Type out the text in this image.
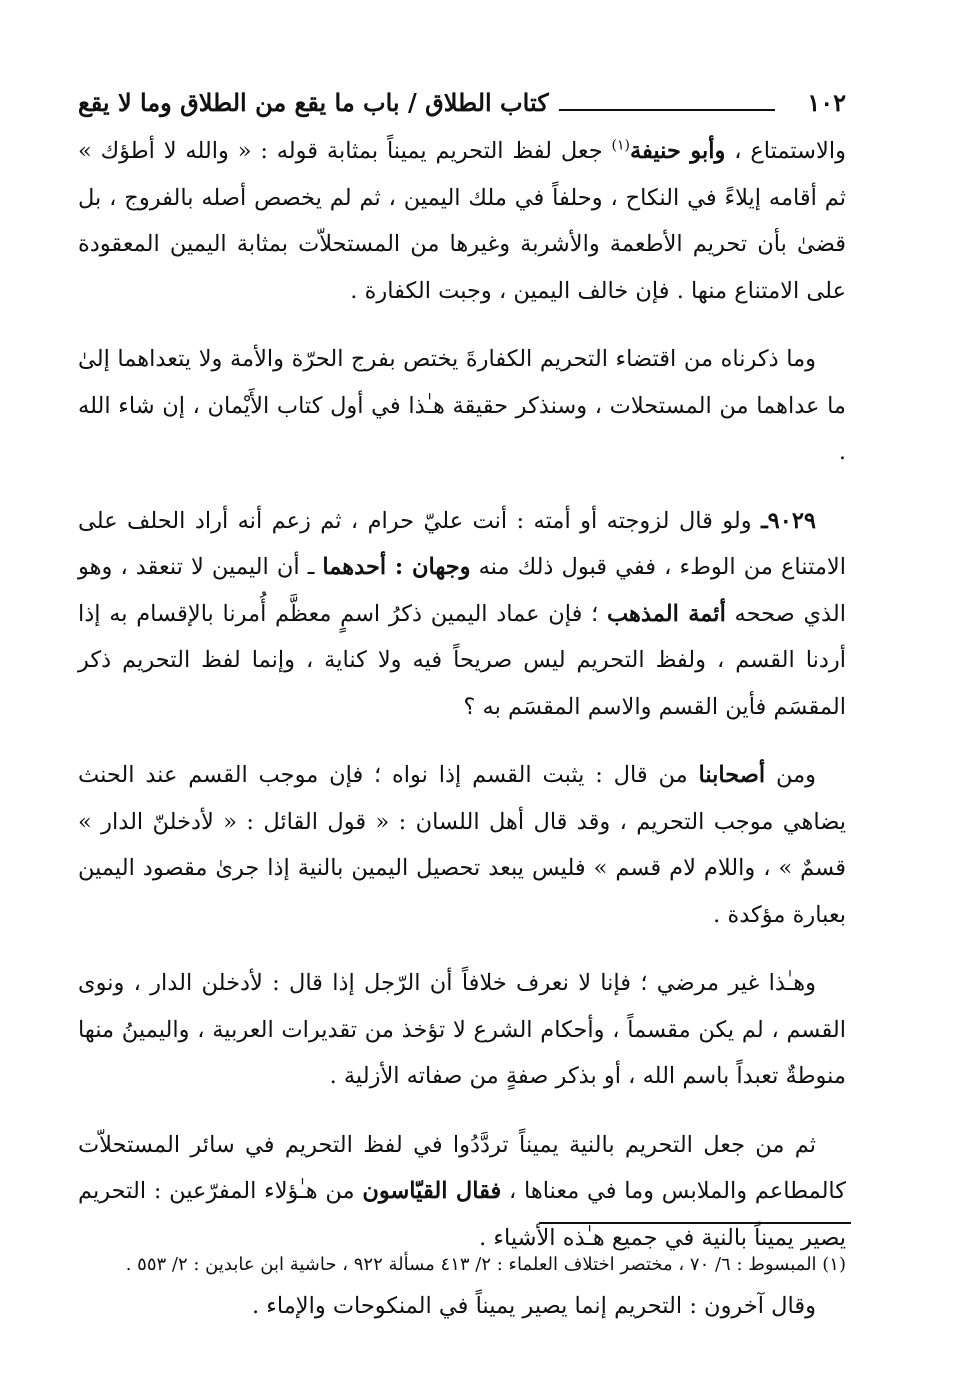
١٠٢
كتاب الطلاق / باب ما يقع من الطلاق وما لا يقع

والاستمتاع ، وأبو حنيفة$^{(١)}$ جعل لفظ التحريم يميناً بمثابة قوله : « والله لا أطؤك » ثم أقامه إيلاءً في النكاح ، وحلفاً في ملك اليمين ، ثم لم يخصص أصله بالفروج ، بل قضىٰ بأن تحريم الأطعمة والأشربة وغيرها من المستحلاّت بمثابة اليمين المعقودة على الامتناع منها . فإن خالف اليمين ، وجبت الكفارة .

وما ذكرناه من اقتضاء التحريم الكفارةَ يختص بفرج الحرّة والأمة ولا يتعداهما إلىٰ ما عداهما من المستحلات ، وسنذكر حقيقة هـٰذا في أول كتاب الأَيْمان ، إن شاء الله .

٩٠٢٩ـ ولو قال لزوجته أو أمته : أنت عليّ حرام ، ثم زعم أنه أراد الحلف على الامتناع من الوطء ، ففي قبول ذلك منه وجهان : أحدهما ـ أن اليمين لا تنعقد ، وهو الذي صححه أئمة المذهب ؛ فإن عماد اليمين ذكرُ اسمٍ معظَّم أُمرنا بالإقسام به إذا أردنا القسم ، ولفظ التحريم ليس صريحاً فيه ولا كناية ، وإنما لفظ التحريم ذكر المقسَم فأين القسم والاسم المقسَم به ؟

ومن أصحابنا من قال : يثبت القسم إذا نواه ؛ فإن موجب القسم عند الحنث يضاهي موجب التحريم ، وقد قال أهل اللسان : « قول القائل : « لأدخلنّ الدار » قسمٌ » ، واللام لام قسم » فليس يبعد تحصيل اليمين بالنية إذا جرىٰ مقصود اليمين بعبارة مؤكدة .

وهـٰذا غير مرضي ؛ فإنا لا نعرف خلافاً أن الرّجل إذا قال : لأدخلن الدار ، ونوى القسم ، لم يكن مقسماً ، وأحكام الشرع لا تؤخذ من تقديرات العربية ، واليمينُ منها منوطةٌ تعبداً باسم الله ، أو بذكر صفةٍ من صفاته الأزلية .

ثم من جعل التحريم بالنية يميناً تردَّدُوا في لفظ التحريم في سائر المستحلاّت كالمطاعم والملابس وما في معناها ، فقال القيّاسون من هـٰؤلاء المفرّعين : التحريم يصير يميناً بالنية في جميع هـٰذه الأشياء .

وقال آخرون : التحريم إنما يصير يميناً في المنكوحات والإماء .

(١) المبسوط : ٦/ ٧٠ ، مختصر اختلاف العلماء : ٢/ ٤١٣ مسألة ٩٢٢ ، حاشية ابن عابدين : ٢/ ٥٥٣ .
